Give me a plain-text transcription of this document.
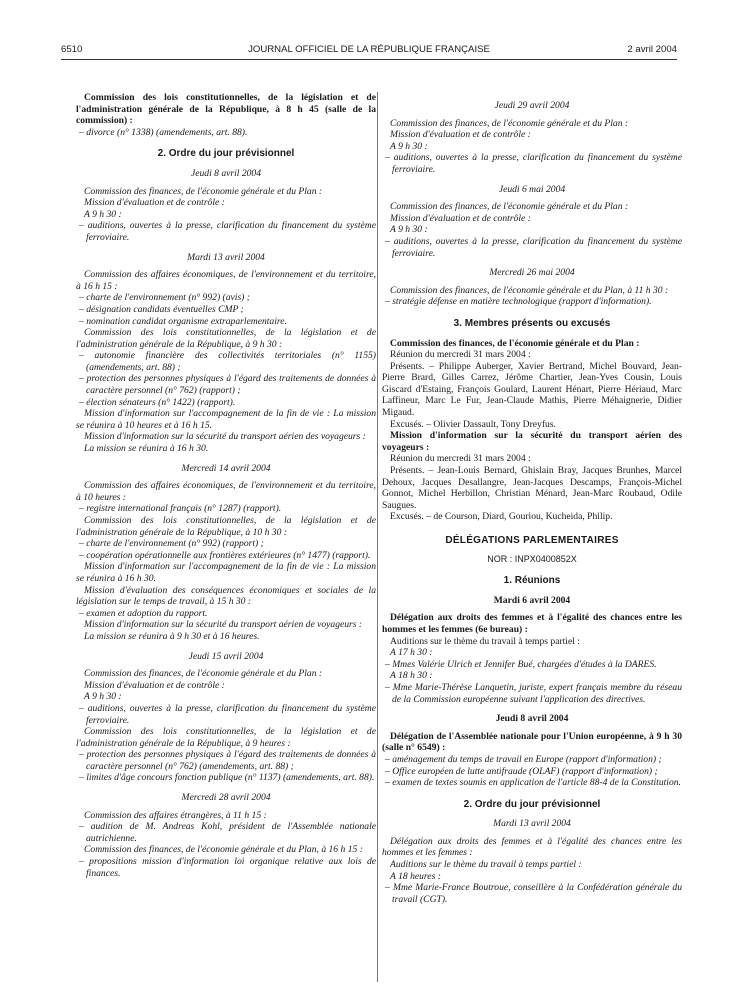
6510	JOURNAL OFFICIEL DE LA RÉPUBLIQUE FRANÇAISE	2 avril 2004

Commission des lois constitutionnelles, de la législation et de l'administration générale de la République, à 8 h 45 (salle de la commission) :

– divorce (n° 1338) (amendements, art. 88).

2. Ordre du jour prévisionnel

Jeudi 8 avril 2004

Commission des finances, de l'économie générale et du Plan :

Mission d'évaluation et de contrôle :

A 9 h 30 :

– auditions, ouvertes à la presse, clarification du financement du système ferroviaire.

Mardi 13 avril 2004

Commission des affaires économiques, de l'environnement et du territoire, à 16 h 15 :

– charte de l'environnement (n° 992) (avis) ;

– désignation candidats éventuelles CMP ;

– nomination candidat organisme extraparlementaire.

Commission des lois constitutionnelles, de la législation et de l'administration générale de la République, à 9 h 30 :

– autonomie financière des collectivités territoriales (n° 1155) (amendements, art. 88) ;

– protection des personnes physiques à l'égard des traitements de données à caractère personnel (n° 762) (rapport) ;

– élection sénateurs (n° 1422) (rapport).

Mission d'information sur l'accompagnement de la fin de vie : La mission se réunira à 10 heures et à 16 h 15.

Mission d'information sur la sécurité du transport aérien des voyageurs :

La mission se réunira à 16 h 30.

Mercredi 14 avril 2004

Commission des affaires économiques, de l'environnement et du territoire, à 10 heures :

– registre international français (n° 1287) (rapport).

Commission des lois constitutionnelles, de la législation et de l'administration générale de la République, à 10 h 30 :

– charte de l'environnement (n° 992) (rapport) ;

– coopération opérationnelle aux frontières extérieures (n° 1477) (rapport).

Mission d'information sur l'accompagnement de la fin de vie : La mission se réunira à 16 h 30.

Mission d'évaluation des conséquences économiques et sociales de la législation sur le temps de travail, à 15 h 30 :

– examen et adoption du rapport.

Mission d'information sur la sécurité du transport aérien de voyageurs :

La mission se réunira à 9 h 30 et à 16 heures.

Jeudi 15 avril 2004

Commission des finances, de l'économie générale et du Plan :

Mission d'évaluation et de contrôle :

A 9 h 30 :

– auditions, ouvertes à la presse, clarification du financement du système ferroviaire.

Commission des lois constitutionnelles, de la législation et de l'administration générale de la République, à 9 heures :

– protection des personnes physiques à l'égard des traitements de données à caractère personnel (n° 762) (amendements, art. 88) ;

– limites d'âge concours fonction publique (n° 1137) (amendements, art. 88).

Mercredi 28 avril 2004

Commission des affaires étrangères, à 11 h 15 :

– audition de M. Andreas Kohl, président de l'Assemblée nationale autrichienne.

Commission des finances, de l'économie générale et du Plan, à 16 h 15 :

– propositions mission d'information loi organique relative aux lois de finances.

Jeudi 29 avril 2004

Commission des finances, de l'économie générale et du Plan :

Mission d'évaluation et de contrôle :

A 9 h 30 :

– auditions, ouvertes à la presse, clarification du financement du système ferroviaire.

Jeudi 6 mai 2004

Commission des finances, de l'économie générale et du Plan :

Mission d'évaluation et de contrôle :

A 9 h 30 :

– auditions, ouvertes à la presse, clarification du financement du système ferroviaire.

Mercredi 26 mai 2004

Commission des finances, de l'économie générale et du Plan, à 11 h 30 :

– stratégie défense en matière technologique (rapport d'information).

3. Membres présents ou excusés

Commission des finances, de l'économie générale et du Plan :

Réunion du mercredi 31 mars 2004 :

Présents. – Philippe Auberger, Xavier Bertrand, Michel Bouvard, Jean-Pierre Brard, Gilles Carrez, Jérôme Chartier, Jean-Yves Cousin, Louis Giscard d'Estaing, François Goulard, Laurent Hénart, Pierre Hériaud, Marc Laffineur, Marc Le Fur, Jean-Claude Mathis, Pierre Méhaignerie, Didier Migaud.

Excusés. – Olivier Dassault, Tony Dreyfus.

Mission d'information sur la sécurité du transport aérien des voyageurs :

Réunion du mercredi 31 mars 2004 :

Présents. – Jean-Louis Bernard, Ghislain Bray, Jacques Brunhes, Marcel Dehoux, Jacques Desallangre, Jean-Jacques Descamps, François-Michel Gonnot, Michel Herbillon, Christian Ménard, Jean-Marc Roubaud, Odile Saugues.

Excusés. – de Courson, Diard, Gouriou, Kucheida, Philip.

DÉLÉGATIONS PARLEMENTAIRES

NOR : INPX0400852X

1. Réunions

Mardi 6 avril 2004

Délégation aux droits des femmes et à l'égalité des chances entre les hommes et les femmes (6e bureau) :

Auditions sur le thème du travail à temps partiel :

A 17 h 30 :

– Mmes Valérie Ulrich et Jennifer Bué, chargées d'études à la DARES.

A 18 h 30 :

– Mme Marie-Thérèse Lanquetin, juriste, expert français membre du réseau de la Commission européenne suivant l'application des directives.

Jeudi 8 avril 2004

Délégation de l'Assemblée nationale pour l'Union européenne, à 9 h 30 (salle n° 6549) :

– aménagement du temps de travail en Europe (rapport d'information) ;

– Office européen de lutte antifraude (OLAF) (rapport d'information) ;

– examen de textes soumis en application de l'article 88-4 de la Constitution.

2. Ordre du jour prévisionnel

Mardi 13 avril 2004

Délégation aux droits des femmes et à l'égalité des chances entre les hommes et les femmes :

Auditions sur le thème du travail à temps partiel :

A 18 heures :

– Mme Marie-France Boutroue, conseillère à la Confédération générale du travail (CGT).
